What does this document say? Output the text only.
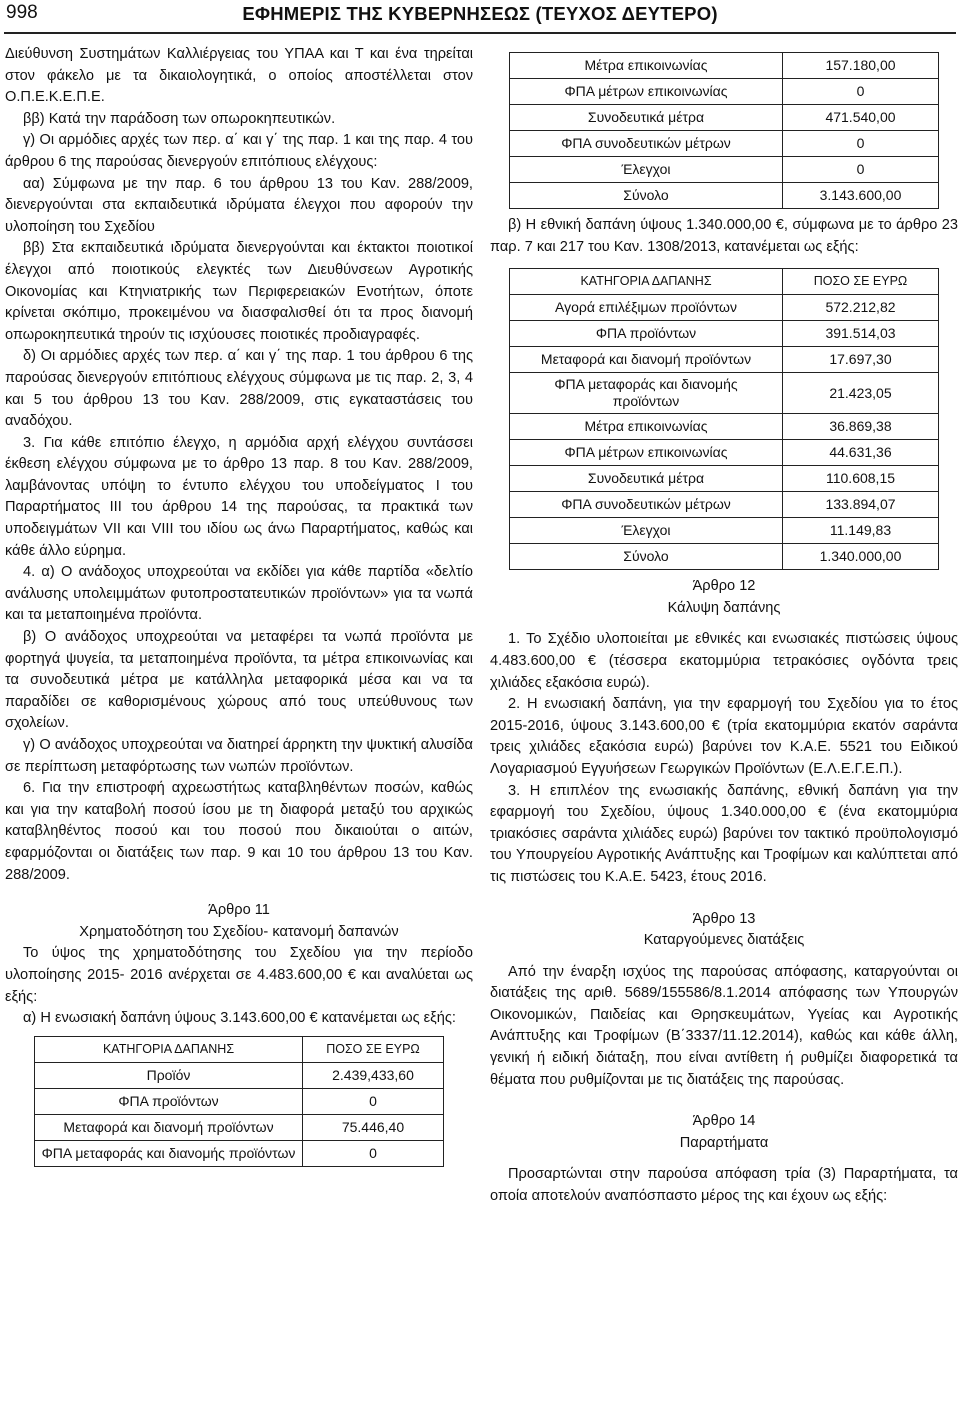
998	ΕΦΗΜΕΡΙΣ ΤΗΣ ΚΥΒΕΡΝΗΣΕΩΣ (ΤΕΥΧΟΣ ΔΕΥΤΕΡΟ)

Διεύθυνση Συστημάτων Καλλιέργειας του ΥΠΑΑ και Τ και ένα τηρείται στον φάκελο με τα δικαιολογητικά, ο οποίος αποστέλλεται στον Ο.Π.Ε.Κ.Ε.Π.Ε.

ββ) Κατά την παράδοση των οπωροκηπευτικών.

γ) Οι αρμόδιες αρχές των περ. α΄ και γ΄ της παρ. 1 και της παρ. 4 του άρθρου 6 της παρούσας διενεργούν επιτόπιους ελέγχους:

αα) Σύμφωνα με την παρ. 6 του άρθρου 13 του Καν. 288/2009, διενεργούνται στα εκπαιδευτικά ιδρύματα έλεγχοι που αφορούν την υλοποίηση του Σχεδίου

ββ) Στα εκπαιδευτικά ιδρύματα διενεργούνται και έκτακτοι ποιοτικοί έλεγχοι από ποιοτικούς ελεγκτές των Διευθύνσεων Αγροτικής Οικονομίας και Κτηνιατρικής των Περιφερειακών Ενοτήτων, όποτε κρίνεται σκόπιμο, προκειμένου να διασφαλισθεί ότι τα προς διανομή οπωροκηπευτικά τηρούν τις ισχύουσες ποιοτικές προδιαγραφές.

δ) Οι αρμόδιες αρχές των περ. α΄ και γ΄ της παρ. 1 του άρθρου 6 της παρούσας διενεργούν επιτόπιους ελέγχους σύμφωνα με τις παρ. 2, 3, 4 και 5 του άρθρου 13 του Καν. 288/2009, στις εγκαταστάσεις του αναδόχου.

3. Για κάθε επιτόπιο έλεγχο, η αρμόδια αρχή ελέγχου συντάσσει έκθεση ελέγχου σύμφωνα με το άρθρο 13 παρ. 8 του Καν. 288/2009, λαμβάνοντας υπόψη το έντυπο ελέγχου του υποδείγματος Ι του Παραρτήματος ΙΙΙ του άρθρου 14 της παρούσας, τα πρακτικά των υποδειγμάτων VII και VIII του ιδίου ως άνω Παραρτήματος, καθώς και κάθε άλλο εύρημα.

4. α) Ο ανάδοχος υποχρεούται να εκδίδει για κάθε παρτίδα «δελτίο ανάλυσης υπολειμμάτων φυτοπροστατευτικών προϊόντων» για τα νωπά και τα μεταποιημένα προϊόντα.

β) Ο ανάδοχος υποχρεούται να μεταφέρει τα νωπά προϊόντα με φορτηγά ψυγεία, τα μεταποιημένα προϊόντα, τα μέτρα επικοινωνίας και τα συνοδευτικά μέτρα με κατάλληλα μεταφορικά μέσα και να τα παραδίδει σε καθορισμένους χώρους από τους υπεύθυνους των σχολείων.

γ) Ο ανάδοχος υποχρεούται να διατηρεί άρρηκτη την ψυκτική αλυσίδα σε περίπτωση μεταφόρτωσης των νωπών προϊόντων.

6. Για την επιστροφή αχρεωστήτως καταβληθέντων ποσών, καθώς και για την καταβολή ποσού ίσου με τη διαφορά μεταξύ του αρχικώς καταβληθέντος ποσού και του ποσού που δικαιούται ο αιτών, εφαρμόζονται οι διατάξεις των παρ. 9 και 10 του άρθρου 13 του Καν. 288/2009.

Άρθρο 11

Χρηματοδότηση του Σχεδίου- κατανομή δαπανών

Το ύψος της χρηματοδότησης του Σχεδίου για την περίοδο υλοποίησης 2015- 2016 ανέρχεται σε 4.483.600,00 € και αναλύεται ως εξής:

α) Η ενωσιακή δαπάνη ύψους 3.143.600,00 € κατανέμεται ως εξής:

ΚΑΤΗΓΟΡΙΑ ΔΑΠΑΝΗΣ	ΠΟΣΟ ΣΕ ΕΥΡΩ
Προϊόν	2.439,433,60
ΦΠΑ προϊόντων	0
Μεταφορά και διανομή προϊόντων	75.446,40
ΦΠΑ μεταφοράς και διανομής προϊόντων	0
Μέτρα επικοινωνίας	157.180,00
ΦΠΑ μέτρων επικοινωνίας	0
Συνοδευτικά μέτρα	471.540,00
ΦΠΑ συνοδευτικών μέτρων	0
Έλεγχοι	0
Σύνολο	3.143.600,00

β) Η εθνική δαπάνη ύψους 1.340.000,00 €, σύμφωνα με το άρθρο 23 παρ. 7 και 217 του Καν. 1308/2013, κατανέμεται ως εξής:

ΚΑΤΗΓΟΡΙΑ ΔΑΠΑΝΗΣ	ΠΟΣΟ ΣΕ ΕΥΡΩ
Αγορά επιλέξιμων προϊόντων	572.212,82
ΦΠΑ προϊόντων	391.514,03
Μεταφορά και διανομή προϊόντων	17.697,30
ΦΠΑ μεταφοράς και διανομής προϊόντων	21.423,05
Μέτρα επικοινωνίας	36.869,38
ΦΠΑ μέτρων επικοινωνίας	44.631,36
Συνοδευτικά μέτρα	110.608,15
ΦΠΑ συνοδευτικών μέτρων	133.894,07
Έλεγχοι	11.149,83
Σύνολο	1.340.000,00

Άρθρο 12

Κάλυψη δαπάνης

1. Το Σχέδιο υλοποιείται με εθνικές και ενωσιακές πιστώσεις ύψους 4.483.600,00 € (τέσσερα εκατομμύρια τετρακόσιες ογδόντα τρεις χιλιάδες εξακόσια ευρώ).

2. Η ενωσιακή δαπάνη, για την εφαρμογή του Σχεδίου για το έτος 2015-2016, ύψους 3.143.600,00 € (τρία εκατομμύρια εκατόν σαράντα τρεις χιλιάδες εξακόσια ευρώ) βαρύνει τον Κ.Α.Ε. 5521 του Ειδικού Λογαριασμού Εγγυήσεων Γεωργικών Προϊόντων (Ε.Λ.Ε.Γ.Ε.Π.).

3. Η επιπλέον της ενωσιακής δαπάνης, εθνική δαπάνη για την εφαρμογή του Σχεδίου, ύψους 1.340.000,00 € (ένα εκατομμύρια τριακόσιες σαράντα χιλιάδες ευρώ) βαρύνει τον τακτικό προϋπολογισμό του Υπουργείου Αγροτικής Ανάπτυξης και Τροφίμων και καλύπτεται από τις πιστώσεις του Κ.Α.Ε. 5423, έτους 2016.

Άρθρο 13

Καταργούμενες διατάξεις

Από την έναρξη ισχύος της παρούσας απόφασης, καταργούνται οι διατάξεις της αριθ. 5689/155586/8.1.2014 απόφασης των Υπουργών Οικονομικών, Παιδείας και Θρησκευμάτων, Υγείας και Αγροτικής Ανάπτυξης και Τροφίμων (Β΄3337/11.12.2014), καθώς και κάθε άλλη, γενική ή ειδική διάταξη, που είναι αντίθετη ή ρυθμίζει διαφορετικά τα θέματα που ρυθμίζονται με τις διατάξεις της παρούσας.

Άρθρο 14

Παραρτήματα

Προσαρτώνται στην παρούσα απόφαση τρία (3) Παραρτήματα, τα οποία αποτελούν αναπόσπαστο μέρος της και έχουν ως εξής:
